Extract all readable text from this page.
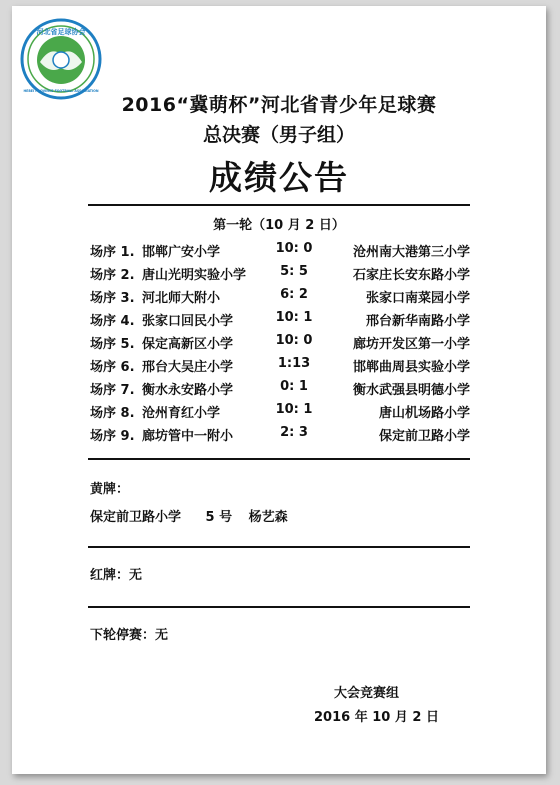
河北省足球协会
HEBEI PROVINCE FOOTBALL ASSOCIATION
2016“冀萌杯”河北省青少年足球赛
总决赛（男子组）
成绩公告
第一轮（10 月 2 日）
场序 1. 邯郸广安小学	10: 0	沧州南大港第三小学
场序 2. 唐山光明实验小学	5: 5	石家庄长安东路小学
场序 3. 河北师大附小	6: 2	张家口南菜园小学
场序 4. 张家口回民小学	10: 1	邢台新华南路小学
场序 5. 保定高新区小学	10: 0	廊坊开发区第一小学
场序 6. 邢台大吴庄小学	1:13	邯郸曲周县实验小学
场序 7. 衡水永安路小学	0: 1	衡水武强县明德小学
场序 8. 沧州育红小学	10: 1	唐山机场路小学
场序 9. 廊坊管中一附小	2: 3	保定前卫路小学
黄牌：
保定前卫路小学 5 号 杨艺森
红牌：无
下轮停赛：无
大会竞赛组
2016 年 10 月 2 日
